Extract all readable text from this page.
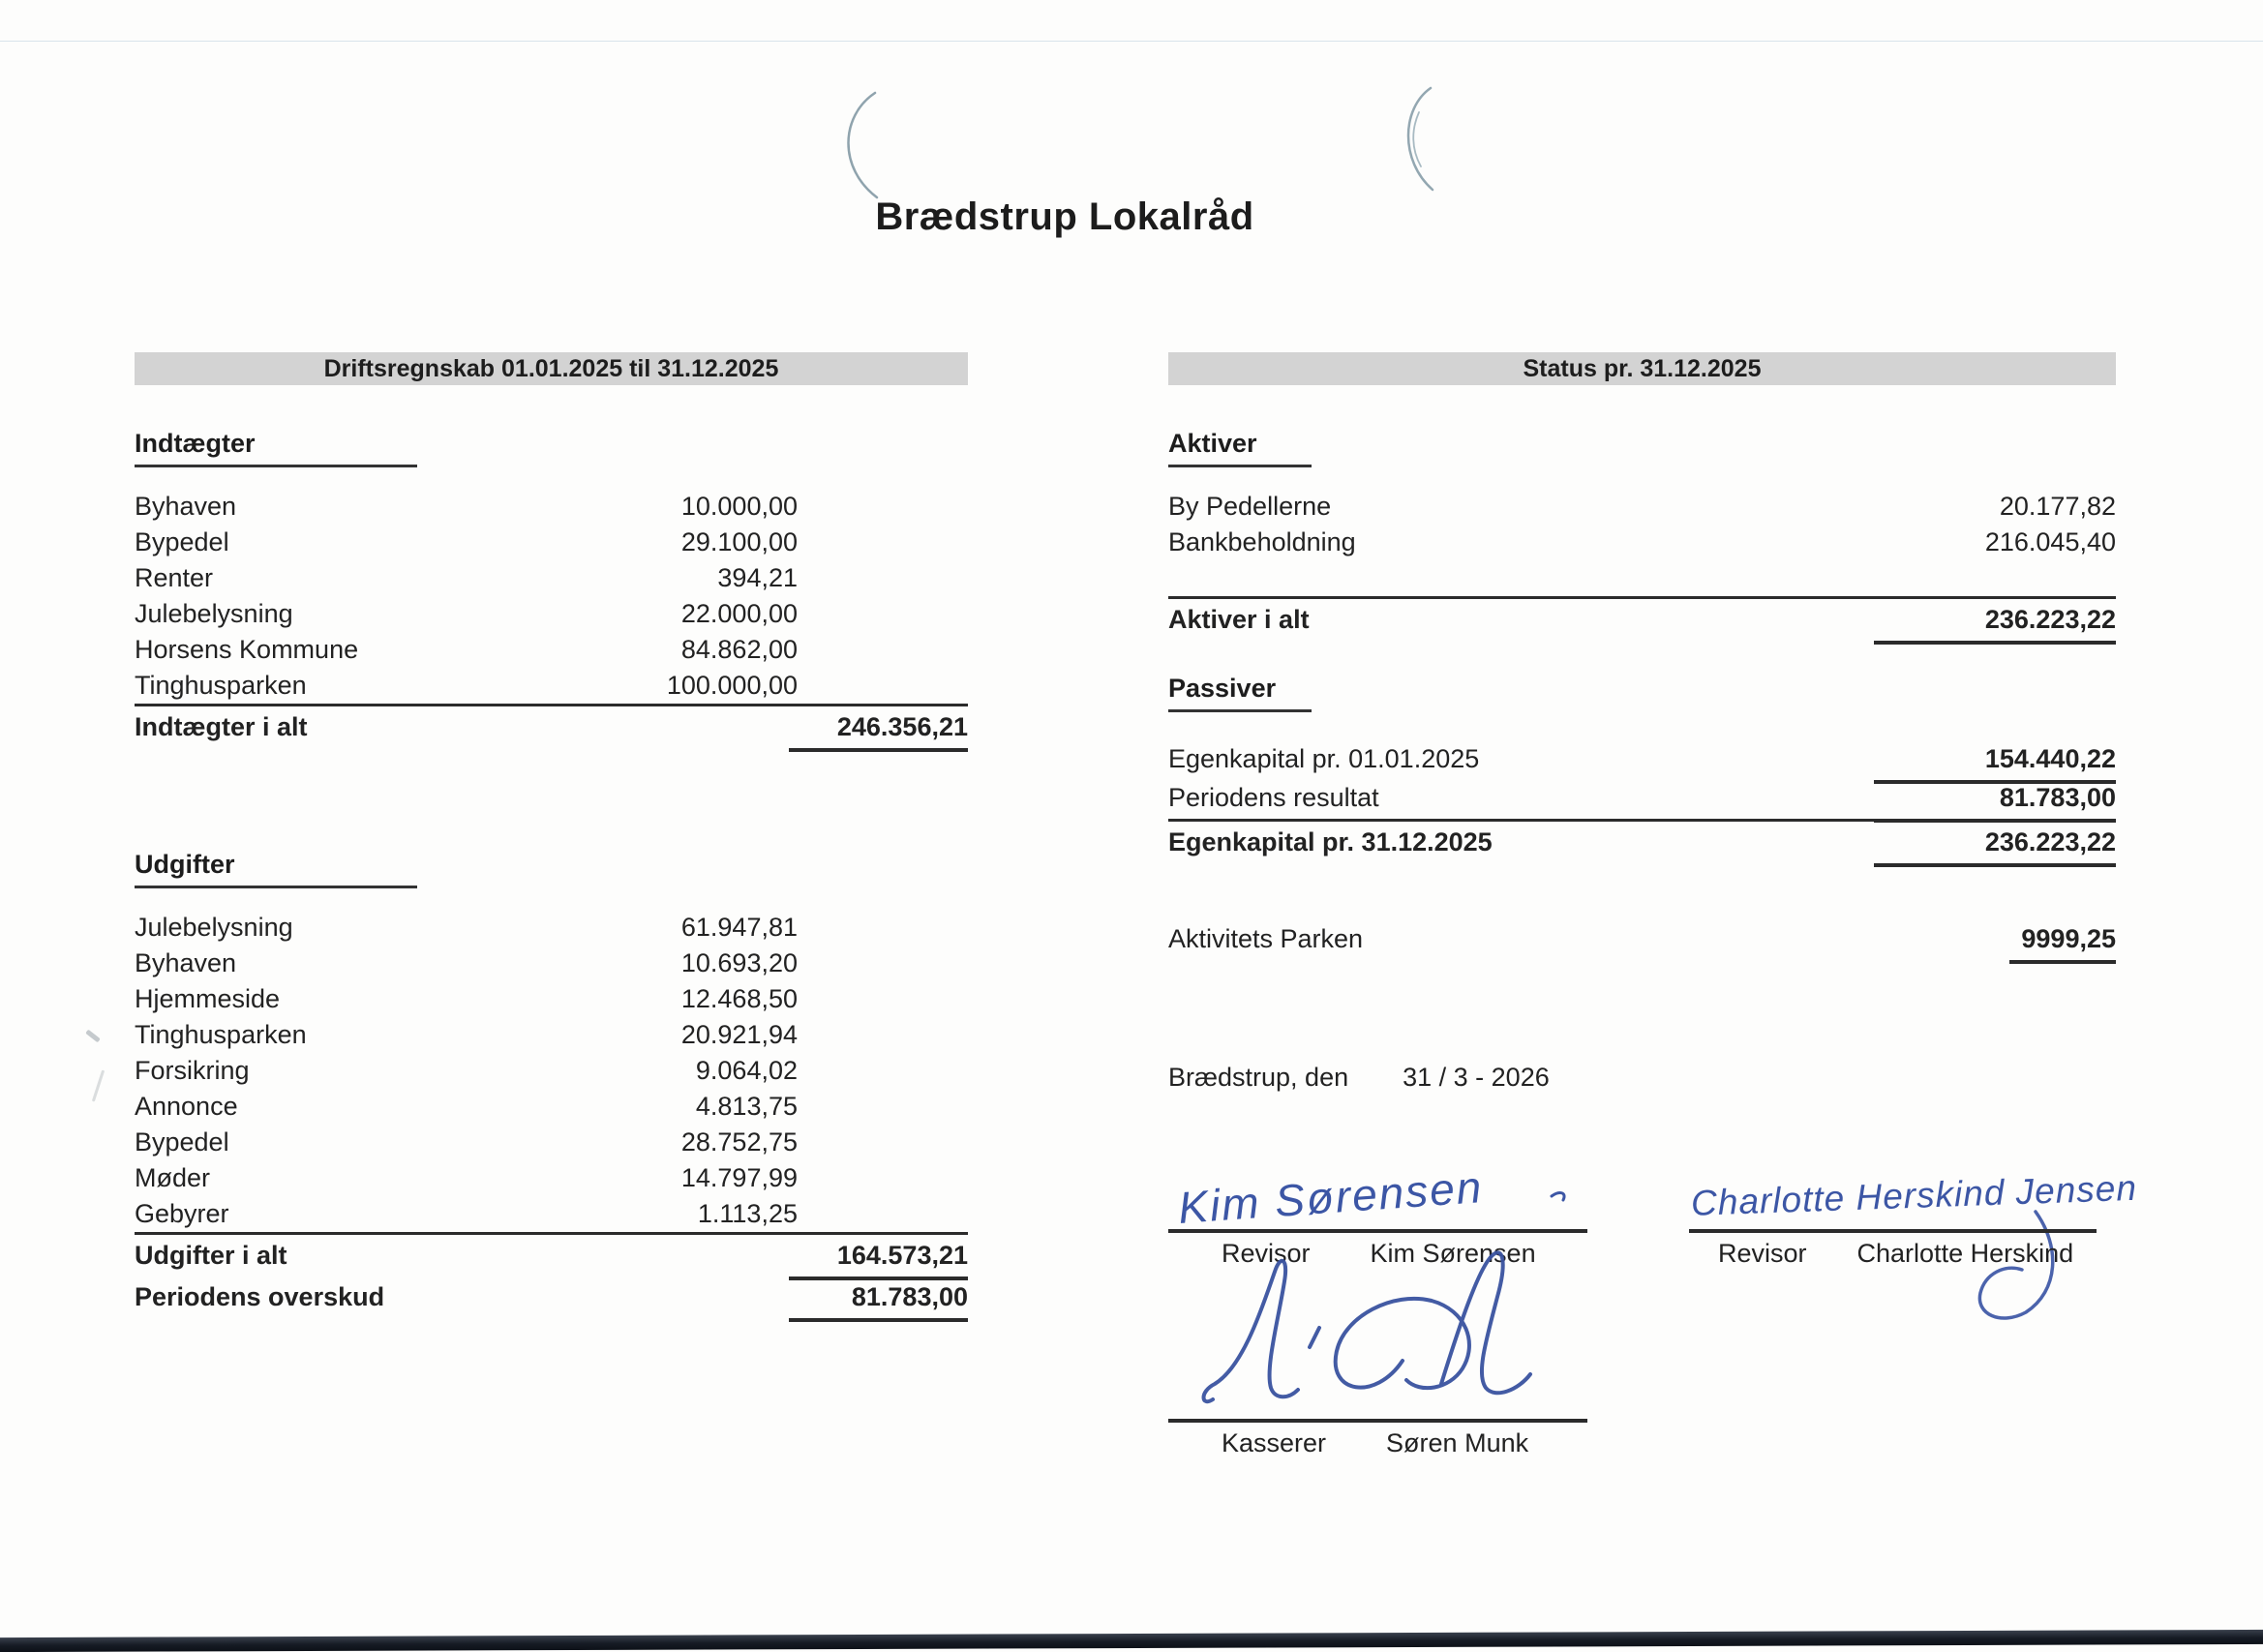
Brædstrup Lokalråd
Driftsregnskab 01.01.2025 til 31.12.2025
Indtægter
Byhaven	10.000,00
Bypedel	29.100,00
Renter	394,21
Julebelysning	22.000,00
Horsens Kommune	84.862,00
Tinghusparken	100.000,00
Indtægter i alt	246.356,21
Udgifter
Julebelysning	61.947,81
Byhaven	10.693,20
Hjemmeside	12.468,50
Tinghusparken	20.921,94
Forsikring	9.064,02
Annonce	4.813,75
Bypedel	28.752,75
Møder	14.797,99
Gebyrer	1.113,25
Udgifter i alt	164.573,21
Periodens overskud	81.783,00
Status pr. 31.12.2025
Aktiver
By Pedellerne	20.177,82
Bankbeholdning	216.045,40
Aktiver i alt	236.223,22
Passiver
Egenkapital pr. 01.01.2025	154.440,22
Periodens resultat	81.783,00
Egenkapital pr. 31.12.2025	236.223,22
Aktivitets Parken	9999,25
Brædstrup, den 31 / 3 - 2026
Kim Sørensen
Revisor Kim Sørensen
Charlotte Herskind Jensen
Revisor Charlotte Herskind
Kasserer Søren Munk
